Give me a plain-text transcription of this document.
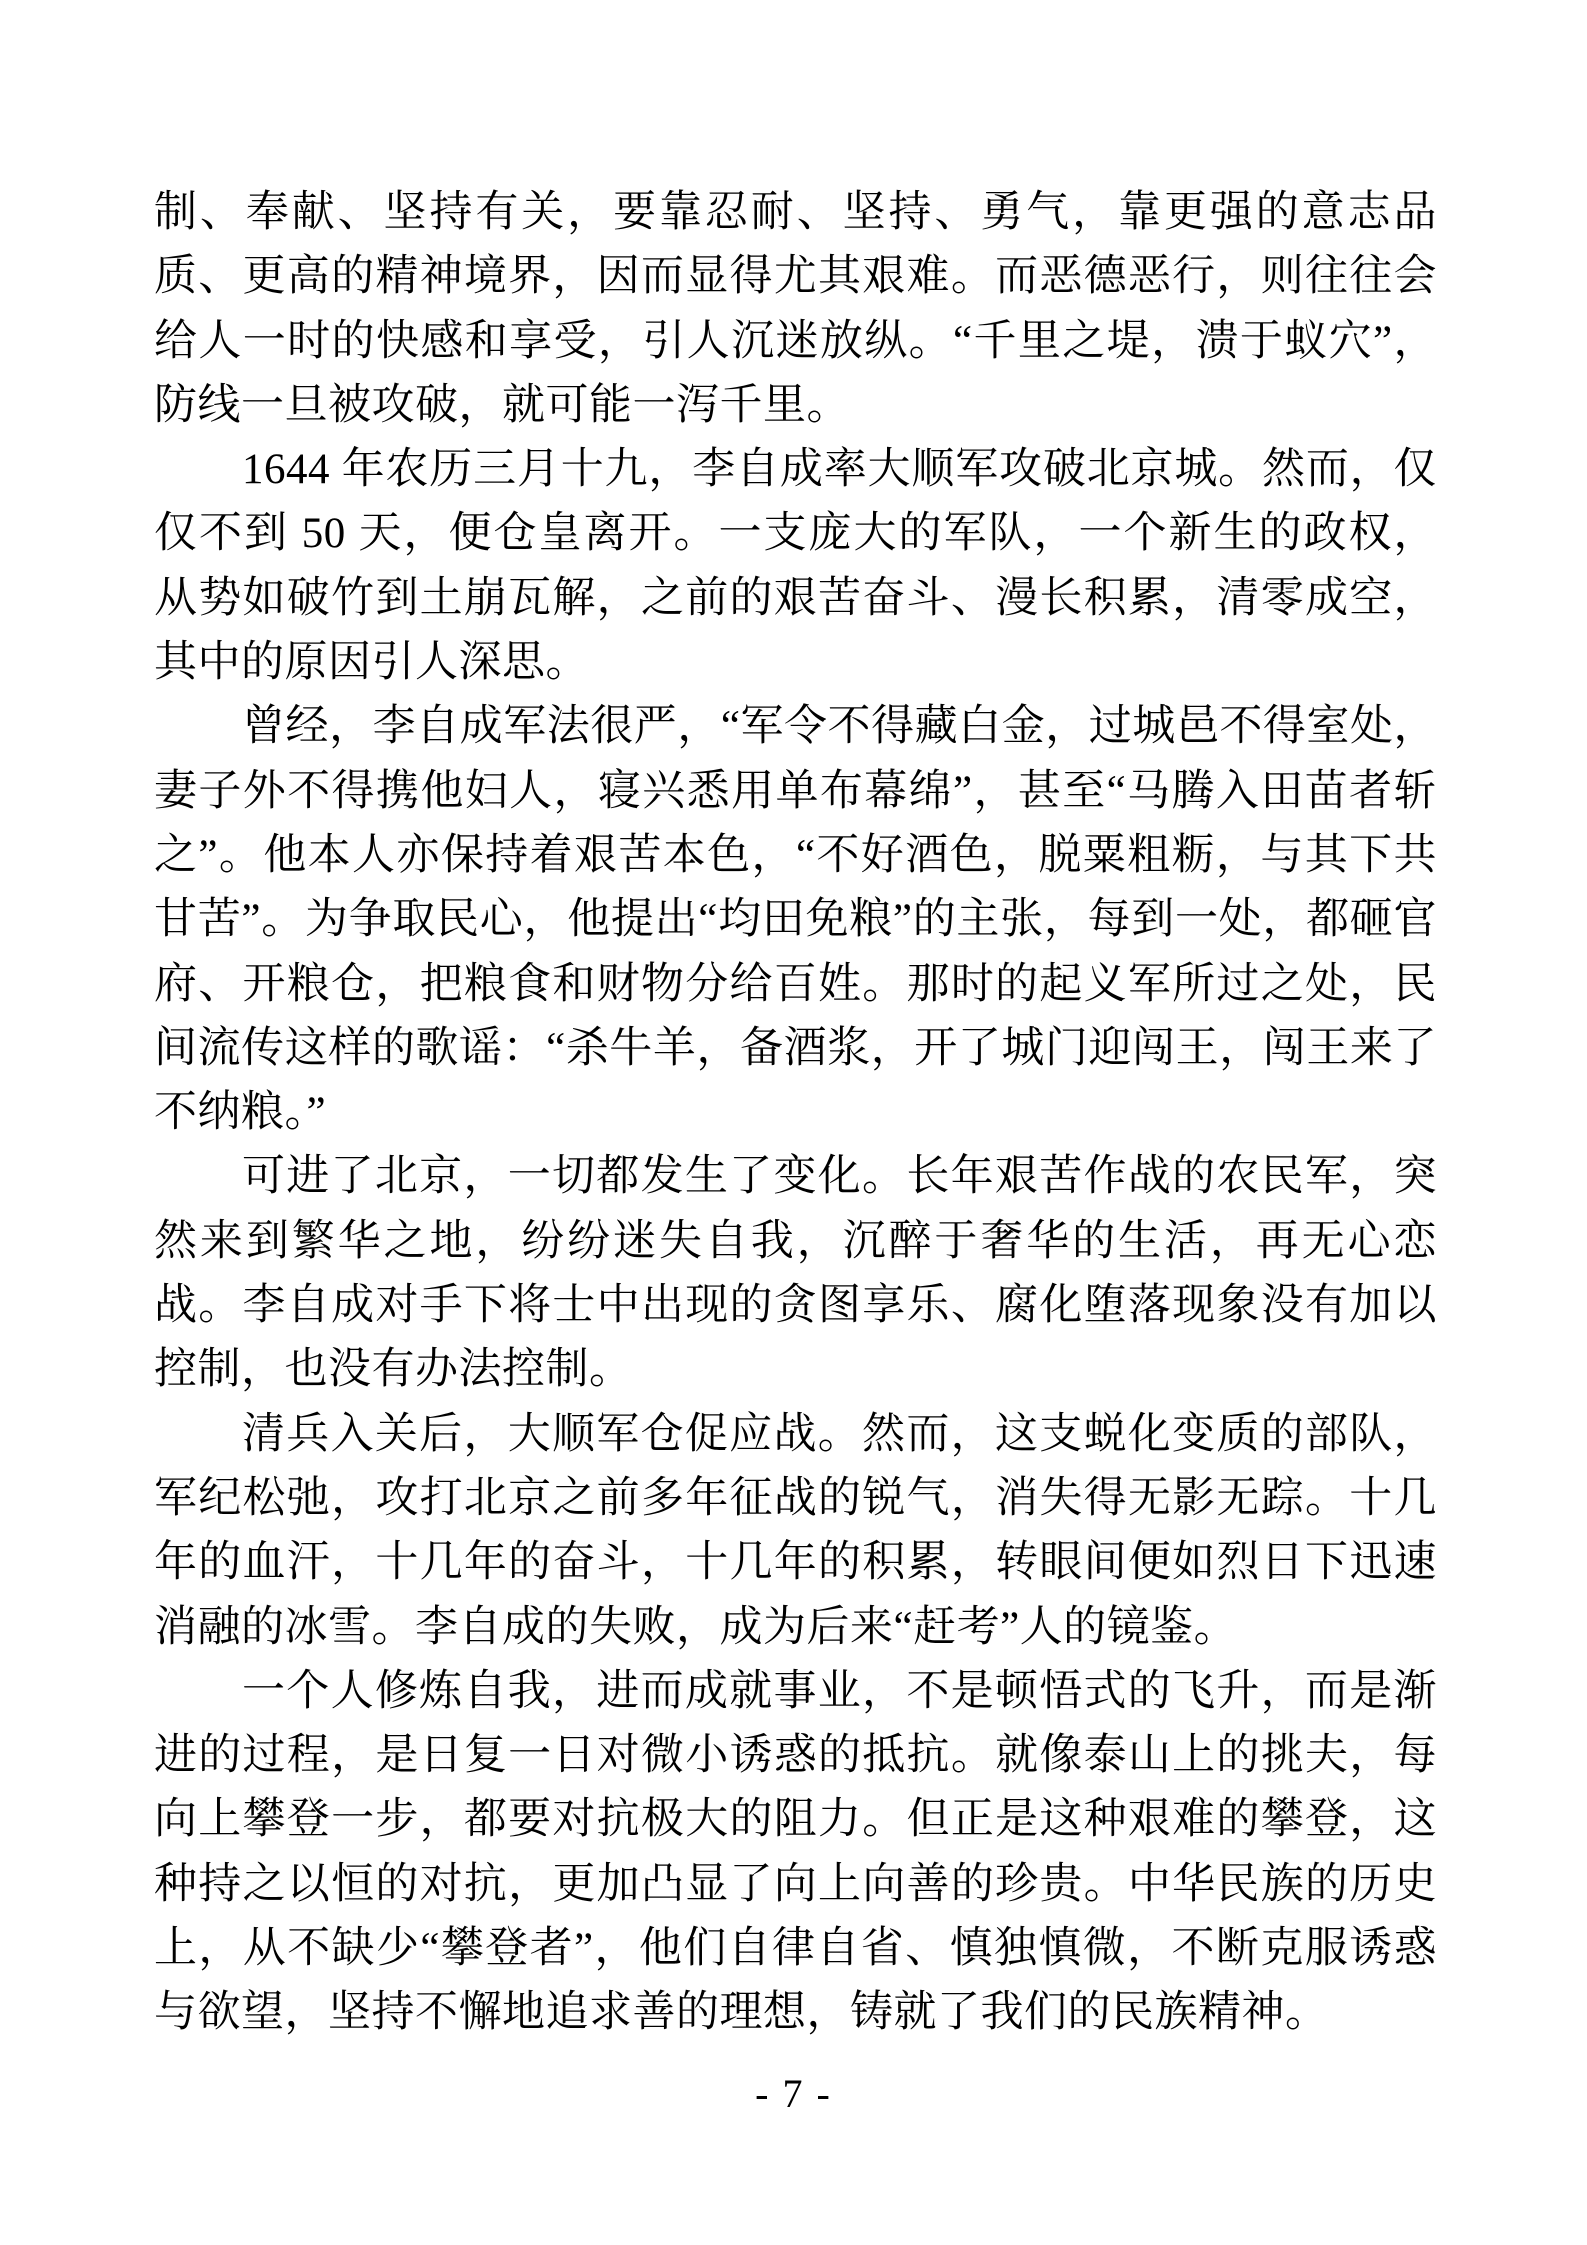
制、奉献、坚持有关，要靠忍耐、坚持、勇气，靠更强的意志品质、更高的精神境界，因而显得尤其艰难。而恶德恶行，则往往会给人一时的快感和享受，引人沉迷放纵。“千里之堤，溃于蚁穴”，防线一旦被攻破，就可能一泻千里。

1644 年农历三月十九，李自成率大顺军攻破北京城。然而，仅仅不到 50 天，便仓皇离开。一支庞大的军队，一个新生的政权，从势如破竹到土崩瓦解，之前的艰苦奋斗、漫长积累，清零成空，其中的原因引人深思。

曾经，李自成军法很严，“军令不得藏白金，过城邑不得室处，妻子外不得携他妇人，寝兴悉用单布幕绵”，甚至“马腾入田苗者斩之”。他本人亦保持着艰苦本色，“不好酒色，脱粟粗粝，与其下共甘苦”。为争取民心，他提出“均田免粮”的主张，每到一处，都砸官府、开粮仓，把粮食和财物分给百姓。那时的起义军所过之处，民间流传这样的歌谣：“杀牛羊，备酒浆，开了城门迎闯王，闯王来了不纳粮。”

可进了北京，一切都发生了变化。长年艰苦作战的农民军，突然来到繁华之地，纷纷迷失自我，沉醉于奢华的生活，再无心恋战。李自成对手下将士中出现的贪图享乐、腐化堕落现象没有加以控制，也没有办法控制。

清兵入关后，大顺军仓促应战。然而，这支蜕化变质的部队，军纪松弛，攻打北京之前多年征战的锐气，消失得无影无踪。十几年的血汗，十几年的奋斗，十几年的积累，转眼间便如烈日下迅速消融的冰雪。李自成的失败，成为后来“赶考”人的镜鉴。

一个人修炼自我，进而成就事业，不是顿悟式的飞升，而是渐进的过程，是日复一日对微小诱惑的抵抗。就像泰山上的挑夫，每向上攀登一步，都要对抗极大的阻力。但正是这种艰难的攀登，这种持之以恒的对抗，更加凸显了向上向善的珍贵。中华民族的历史上，从不缺少“攀登者”，他们自律自省、慎独慎微，不断克服诱惑与欲望，坚持不懈地追求善的理想，铸就了我们的民族精神。

- 7 -
